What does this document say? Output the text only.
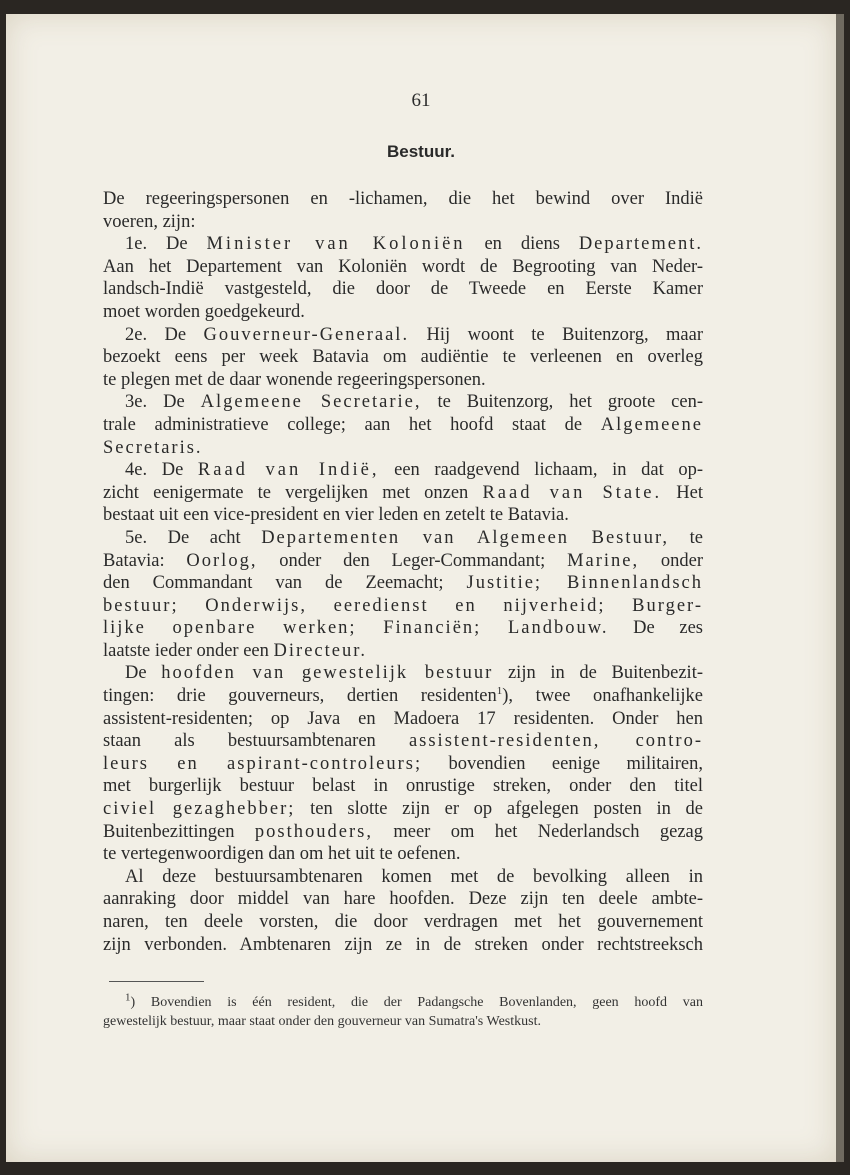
61
Bestuur.
De regeeringspersonen en -lichamen, die het bewind over Indië
voeren, zijn:
1e. De Minister van Koloniën en diens Departement.
Aan het Departement van Koloniën wordt de Begrooting van Neder-
landsch-Indië vastgesteld, die door de Tweede en Eerste Kamer
moet worden goedgekeurd.
2e. De Gouverneur-Generaal. Hij woont te Buitenzorg, maar
bezoekt eens per week Batavia om audiëntie te verleenen en overleg
te plegen met de daar wonende regeeringspersonen.
3e. De Algemeene Secretarie, te Buitenzorg, het groote cen-
trale administratieve college; aan het hoofd staat de Algemeene
Secretaris.
4e. De Raad van Indië, een raadgevend lichaam, in dat op-
zicht eenigermate te vergelijken met onzen Raad van State. Het
bestaat uit een vice-president en vier leden en zetelt te Batavia.
5e. De acht Departementen van Algemeen Bestuur, te
Batavia: Oorlog, onder den Leger-Commandant; Marine, onder
den Commandant van de Zeemacht; Justitie; Binnenlandsch
bestuur; Onderwijs, eeredienst en nijverheid; Burger-
lijke openbare werken; Financiën; Landbouw. De zes
laatste ieder onder een Directeur.
De hoofden van gewestelijk bestuur zijn in de Buitenbezit-
tingen: drie gouverneurs, dertien residenten$^1$), twee onafhankelijke
assistent-residenten; op Java en Madoera 17 residenten. Onder hen
staan als bestuursambtenaren assistent-residenten, contro-
leurs en aspirant-controleurs; bovendien eenige militairen,
met burgerlijk bestuur belast in onrustige streken, onder den titel
civiel gezaghebber; ten slotte zijn er op afgelegen posten in de
Buitenbezittingen posthouders, meer om het Nederlandsch gezag
te vertegenwoordigen dan om het uit te oefenen.
Al deze bestuursambtenaren komen met de bevolking alleen in
aanraking door middel van hare hoofden. Deze zijn ten deele ambte-
naren, ten deele vorsten, die door verdragen met het gouvernement
zijn verbonden. Ambtenaren zijn ze in de streken onder rechtstreeksch
$^1$) Bovendien is één resident, die der Padangsche Bovenlanden, geen hoofd van
gewestelijk bestuur, maar staat onder den gouverneur van Sumatra's Westkust.
